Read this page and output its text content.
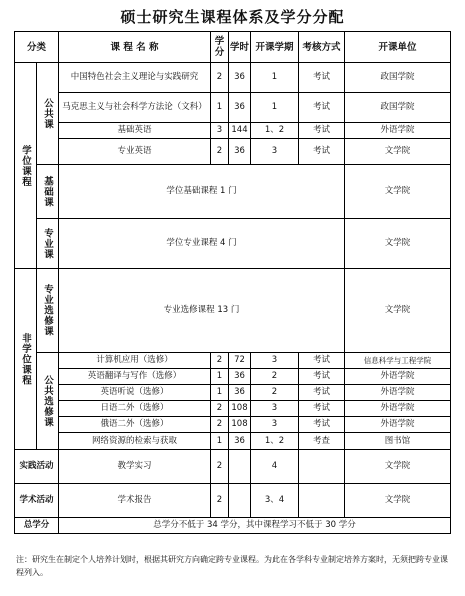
硕士研究生课程体系及学分分配
分类		课 程 名 称	学分	学时	开课学期	考核方式	开课单位

学位课程	公共课	中国特色社会主义理论与实践研究	2	36	1	考试	政国学院
		马克思主义与社会科学方法论（文科）	1	36	1	考试	政国学院
		基础英语	3	144	1、2	考试	外语学院
		专业英语	2	36	3	考试	文学院

	基础课	学位基础课程 1 门					文学院

	专业课	学位专业课程 4 门					文学院

非学位课程	专业选修课	专业选修课程 13 门					文学院

	公共选修课	计算机应用（选修）	2	72	3	考试	信息科学与工程学院
		英语翻译与写作（选修）	1	36	2	考试	外语学院
		英语听说（选修）	1	36	2	考试	外语学院
		日语二外（选修）	2	108	3	考试	外语学院
		俄语二外（选修）	2	108	3	考试	外语学院
		网络资源的检索与获取	1	36	1、2	考查	图书馆
实践活动		教学实习	2		4		文学院
学术活动		学术报告	2		3、4		文学院
总学分		总学分不低于 34 学分，其中课程学习不低于 30 学分					
注：研究生在制定个人培养计划时，根据其研究方向确定跨专业课程。为此在各学科专业制定培养方案时，无须把跨专业课程列入。
